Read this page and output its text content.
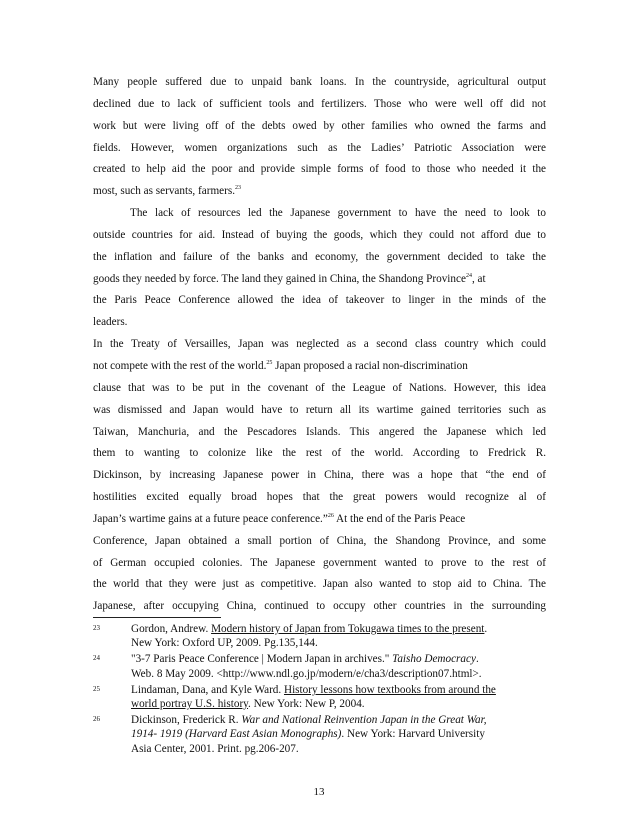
Many people suffered due to unpaid bank loans. In the countryside, agricultural output
declined due to lack of sufficient tools and fertilizers. Those who were well off did not
work but were living off of the debts owed by other families who owned the farms and
fields. However, women organizations such as the Ladies’ Patriotic Association were
created to help aid the poor and provide simple forms of food to those who needed it the
most, such as servants, farmers.$^{23}$
The lack of resources led the Japanese government to have the need to look to
outside countries for aid. Instead of buying the goods, which they could not afford due to
the inflation and failure of the banks and economy, the government decided to take the
goods they needed by force. The land they gained in China, the Shandong Province$^{24}$, at
the Paris Peace Conference allowed the idea of takeover to linger in the minds of the
leaders.
In the Treaty of Versailles, Japan was neglected as a second class country which could
not compete with the rest of the world.$^{25}$ Japan proposed a racial non-discrimination
clause that was to be put in the covenant of the League of Nations. However, this idea
was dismissed and Japan would have to return all its wartime gained territories such as
Taiwan, Manchuria, and the Pescadores Islands. This angered the Japanese which led
them to wanting to colonize like the rest of the world. According to Fredrick R.
Dickinson, by increasing Japanese power in China, there was a hope that “the end of
hostilities excited equally broad hopes that the great powers would recognize al of
Japan’s wartime gains at a future peace conference.”$^{26}$ At the end of the Paris Peace
Conference, Japan obtained a small portion of China, the Shandong Province, and some
of German occupied colonies. The Japanese government wanted to prove to the rest of
the world that they were just as competitive. Japan also wanted to stop aid to China. The
Japanese, after occupying China, continued to occupy other countries in the surrounding
23	Gordon, Andrew. Modern history of Japan from Tokugawa times to the present.
New York: Oxford UP, 2009. Pg.135,144.
24	"3-7 Paris Peace Conference | Modern Japan in archives." Taisho Democracy.
Web. 8 May 2009. <http://www.ndl.go.jp/modern/e/cha3/description07.html>.
25	Lindaman, Dana, and Kyle Ward. History lessons how textbooks from around the
world portray U.S. history. New York: New P, 2004.
26	Dickinson, Frederick R. War and National Reinvention Japan in the Great War,
1914- 1919 (Harvard East Asian Monographs). New York: Harvard University
Asia Center, 2001. Print. pg.206-207.
13
